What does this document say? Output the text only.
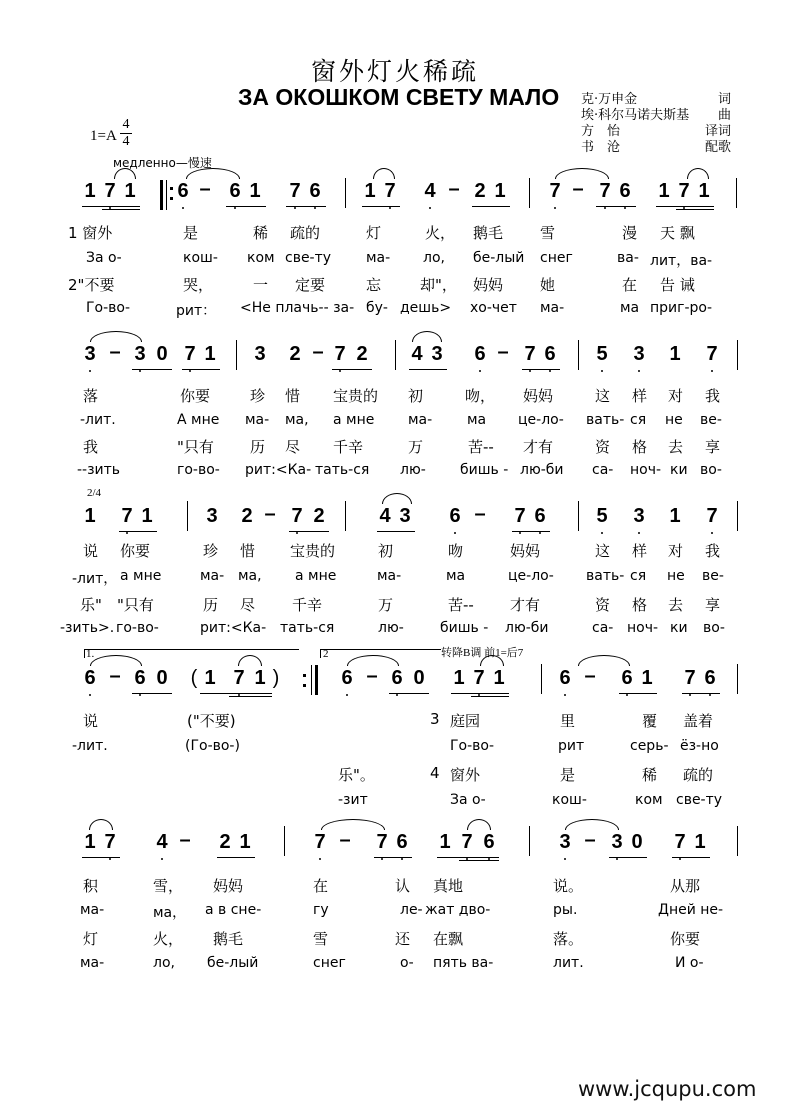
窗外灯火稀疏
ЗА ОКОШКОМ СВЕТУ МАЛО 克·万申金	词
埃·科尔马诺夫斯基 曲
方　怡	译词
书　沧	配歌
1=A
4
4
медленно—慢速
1 7 1 6 – 6 1 7 6 1 7 4 – 2 1 7 – 7 6 1 7 1
1 窗外	是	稀 疏的	灯	火， 鹅毛 雪	漫 天 飘
За о-	кош- ком све-ту ма- ло, бе-лый снег	ва- лит，ва-
2"不要	哭，	一 定要	忘	却"， 妈妈 她	在 告 诫
Го-во-	рит： <Не плачь-- за- бу- дешь> хо-чет ма-	ма приг-ро-
3 – 3 0 7 1 3 2 – 7 2 4 3 6 – 7 6 5 3 1 7
落	你要	珍 惜 宝贵的 初	吻， 妈妈	这 样 对 我
-лит.	А мне ма- ма, а мне ма- ма це-ло- вать- ся не ве-
我	"只有 历 尽 千辛	万	苦-- 才有	资 格 去 享
--зить	го-во- рит:<Ка- тать-ся лю- бишь - лю-би са- ноч- ки во-
2/4
1 7 1	3 2 – 7 2	4 3 6 – 7 6	5 3 1 7
说 你要	珍 惜 宝贵的	初	吻	妈妈	这 样 对 我
-лит， а мне	ма- ма, а мне	ма-	ма	це-ло- вать- ся не ве-
乐" "只有	历 尽 千辛	万	苦-- 才有	资 格 去 享
-зить>. го-во-	рит:<Ка- тать-ся	лю-	бишь - лю-би	са- ноч- ки во-
1.	2	转降B调 前1=后7
6 – 6 0 ( 1 7 1 )	6 – 6 0 1 7 1	6 – 6 1 7 6
说	("不要)	3 庭园	里	覆 盖着
-лит.	(Го-во-)	Го-во-	рит	серь- ёз-но
乐"。	4 窗外	是	稀 疏的
-зит	За о-	кош-	ком све-ту
1 7 4 – 2 1	7 – 7 6 1 7 6	3 – 3 0 7 1
积	雪， 妈妈	在	认 真地	说。	从那
ма-	ма， а в сне-	гу	ле- жат дво-	ры.	Дней не-
灯	火， 鹅毛	雪	还 在飘	落。	你要
ма-	ло, бе-лый	снег	о- пять ва-	лит.	И о-
www.jcqupu.com
